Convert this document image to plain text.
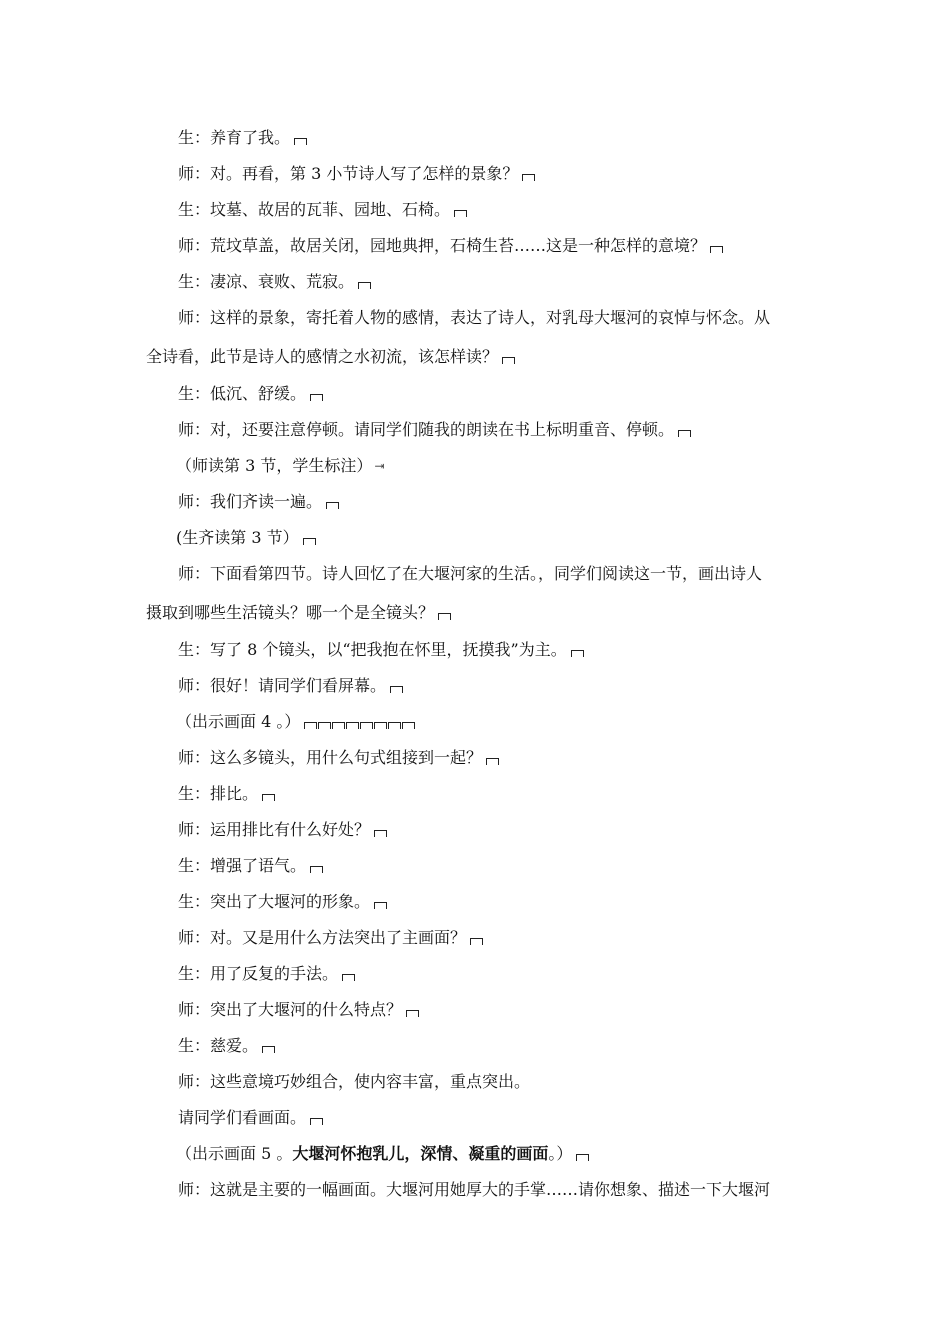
生：养育了我。
师：对。再看，第 3 小节诗人写了怎样的景象？
生：坟墓、故居的瓦菲、园地、石椅。
师：荒坟草盖，故居关闭，园地典押，石椅生苔……这是一种怎样的意境？
生：凄凉、衰败、荒寂。
师：这样的景象，寄托着人物的感情，表达了诗人，对乳母大堰河的哀悼与怀念。从
全诗看，此节是诗人的感情之水初流，该怎样读？
生：低沉、舒缓。
师：对，还要注意停顿。请同学们随我的朗读在书上标明重音、停顿。
（师读第 3 节，学生标注） ⇥
师：我们齐读一遍。
(生齐读第 3 节）
师：下面看第四节。诗人回忆了在大堰河家的生活。，同学们阅读这一节，画出诗人
摄取到哪些生活镜头？哪一个是全镜头？
生：写了 8 个镜头，以“把我抱在怀里，抚摸我”为主。
师：很好！请同学们看屏幕。
（出示画面 4 。）
师：这么多镜头，用什么句式组接到一起？
生：排比。
师：运用排比有什么好处？
生：增强了语气。
生：突出了大堰河的形象。
师：对。又是用什么方法突出了主画面？
生：用了反复的手法。
师：突出了大堰河的什么特点？
生：慈爱。
师：这些意境巧妙组合，使内容丰富，重点突出。
请同学们看画面。
（出示画面 5 。大堰河怀抱乳儿，深情、凝重的画面。）
师：这就是主要的一幅画面。大堰河用她厚大的手掌……请你想象、描述一下大堰河
